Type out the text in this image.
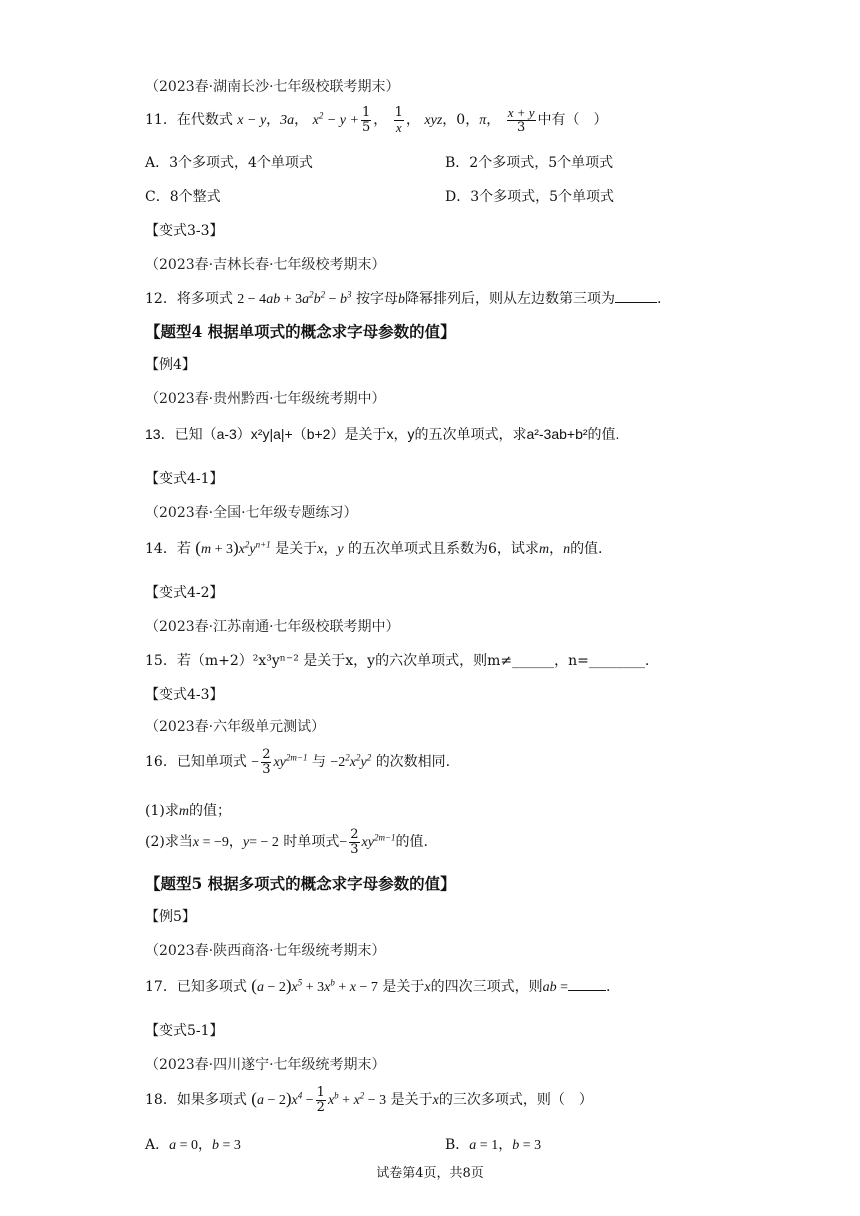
（2023春·湖南长沙·七年级校联考期末）
11．在代数式 x − y，3a， $x^2 - y + \frac{1}{5}$ ， $\frac{1}{x}$ ， xyz，0，π， $\frac{x + y}{3}$ 中有（　）
A．3个多项式，4个单项式	B．2个多项式，5个单项式
C．8个整式	D．3个多项式，5个单项式
【变式3-3】
（2023春·吉林长春·七年级校考期末）
12．将多项式 $2 - 4ab + 3a^2b^2 - b^3$ 按字母b降幂排列后，则从左边数第三项为	.
【题型4 根据单项式的概念求字母参数的值】
【例4】
（2023春·贵州黔西·七年级统考期中）
13．已知（a-3）x²y|a|+（b+2）是关于x，y的五次单项式，求a²-3ab+b²的值.
【变式4-1】
（2023春·全国·七年级专题练习）
14．若 $(m + 3)x^2y^{n+1}$ 是关于x，y 的五次单项式且系数为6，试求m，n的值.
【变式4-2】
（2023春·江苏南通·七年级校联考期中）
15．若（m+2）²x³yⁿ⁻² 是关于x，y的六次单项式，则m≠______，n=________.
【变式4-3】
（2023春·六年级单元测试）
16．已知单项式 − $\frac{2}{3} xy^{2m-1}$ 与 $-2^2x^2y^2$ 的次数相同.
(1)求m的值；
(2)求当x = −9，y= − 2 时单项式− $\frac{2}{3} xy^{2m-1}$的值.
【题型5 根据多项式的概念求字母参数的值】
【例5】
（2023春·陕西商洛·七年级统考期末）
17．已知多项式 $(a - 2)x^5 + 3x^b + x - 7$ 是关于x的四次三项式，则ab =	.
【变式5-1】
（2023春·四川遂宁·七年级统考期末）
18．如果多项式 $(a - 2)x^4 - \frac{1}{2} x^b + x^2 - 3$ 是关于x的三次多项式，则（　）
A．a = 0，b = 3	B．a = 1，b = 3
试卷第4页，共8页
